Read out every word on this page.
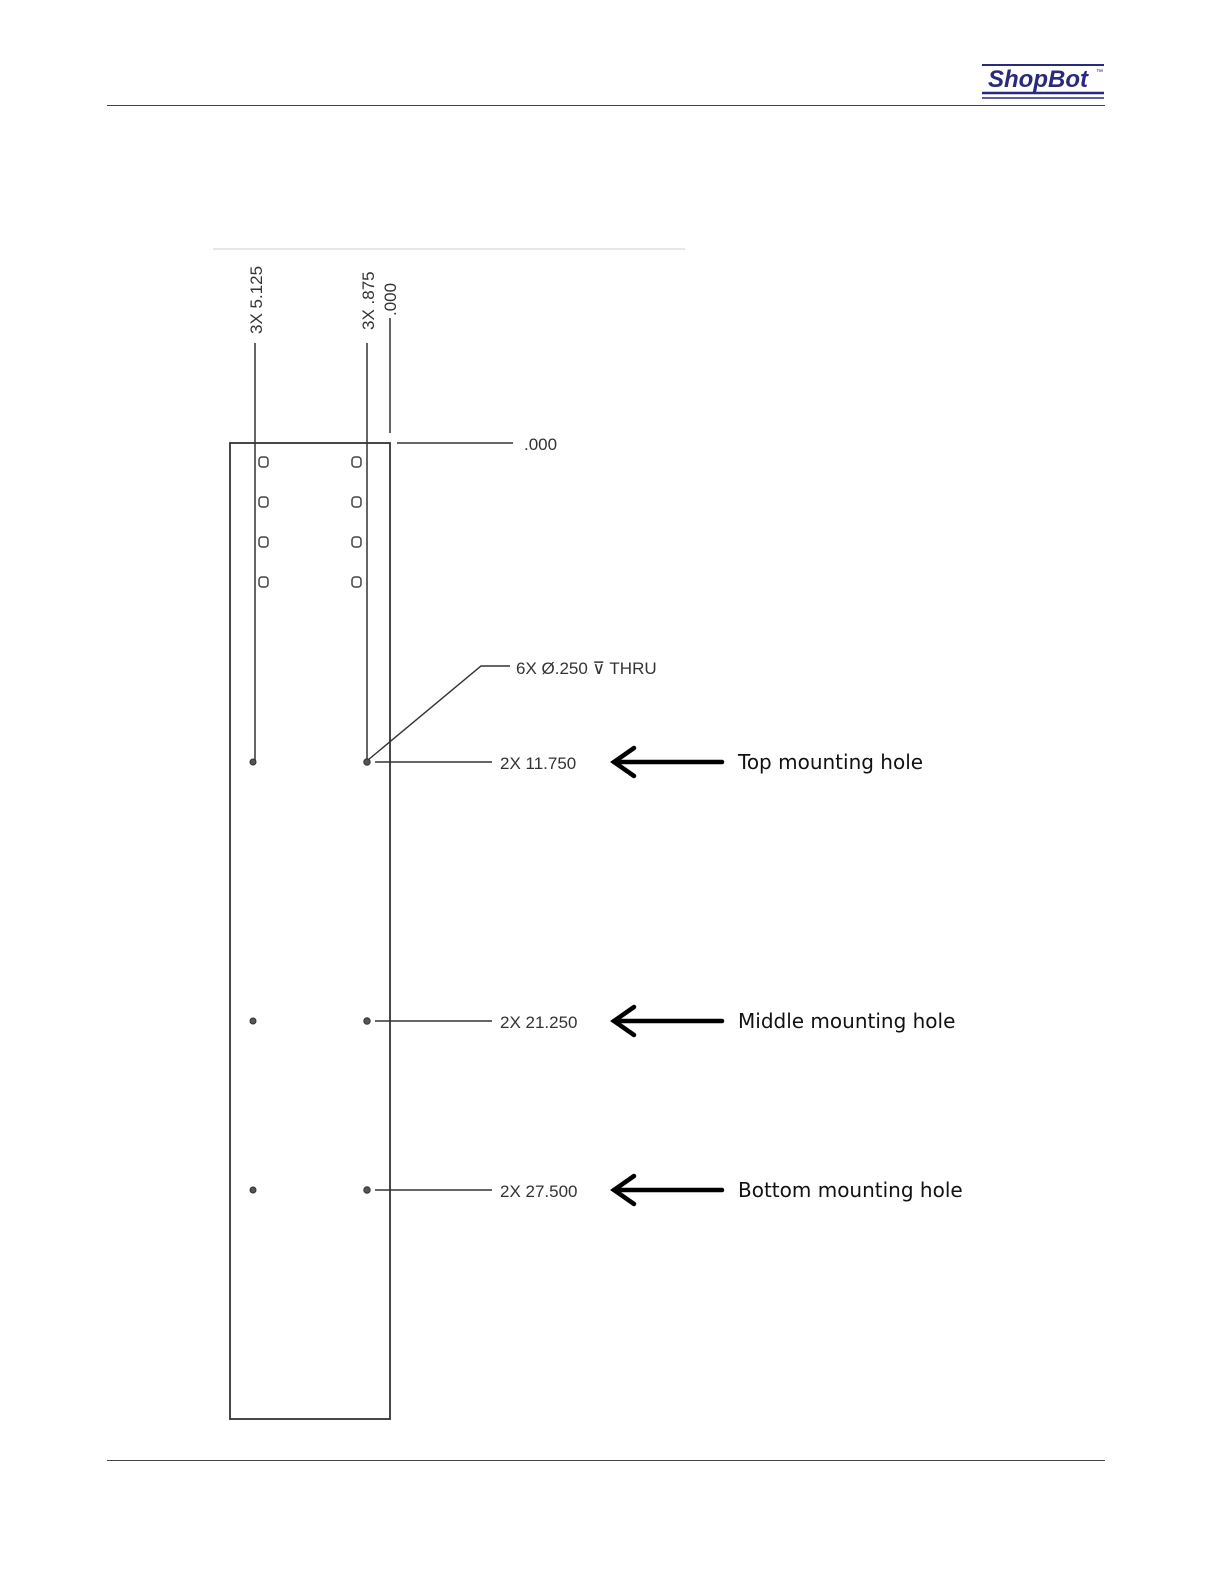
ShopBot ™
3X 5.125	3X .875 .000
.000
6X Ø.250 ⊽ THRU
2X 11.750	Top mounting hole
2X 21.250	Middle mounting hole
2X 27.500	Bottom mounting hole
